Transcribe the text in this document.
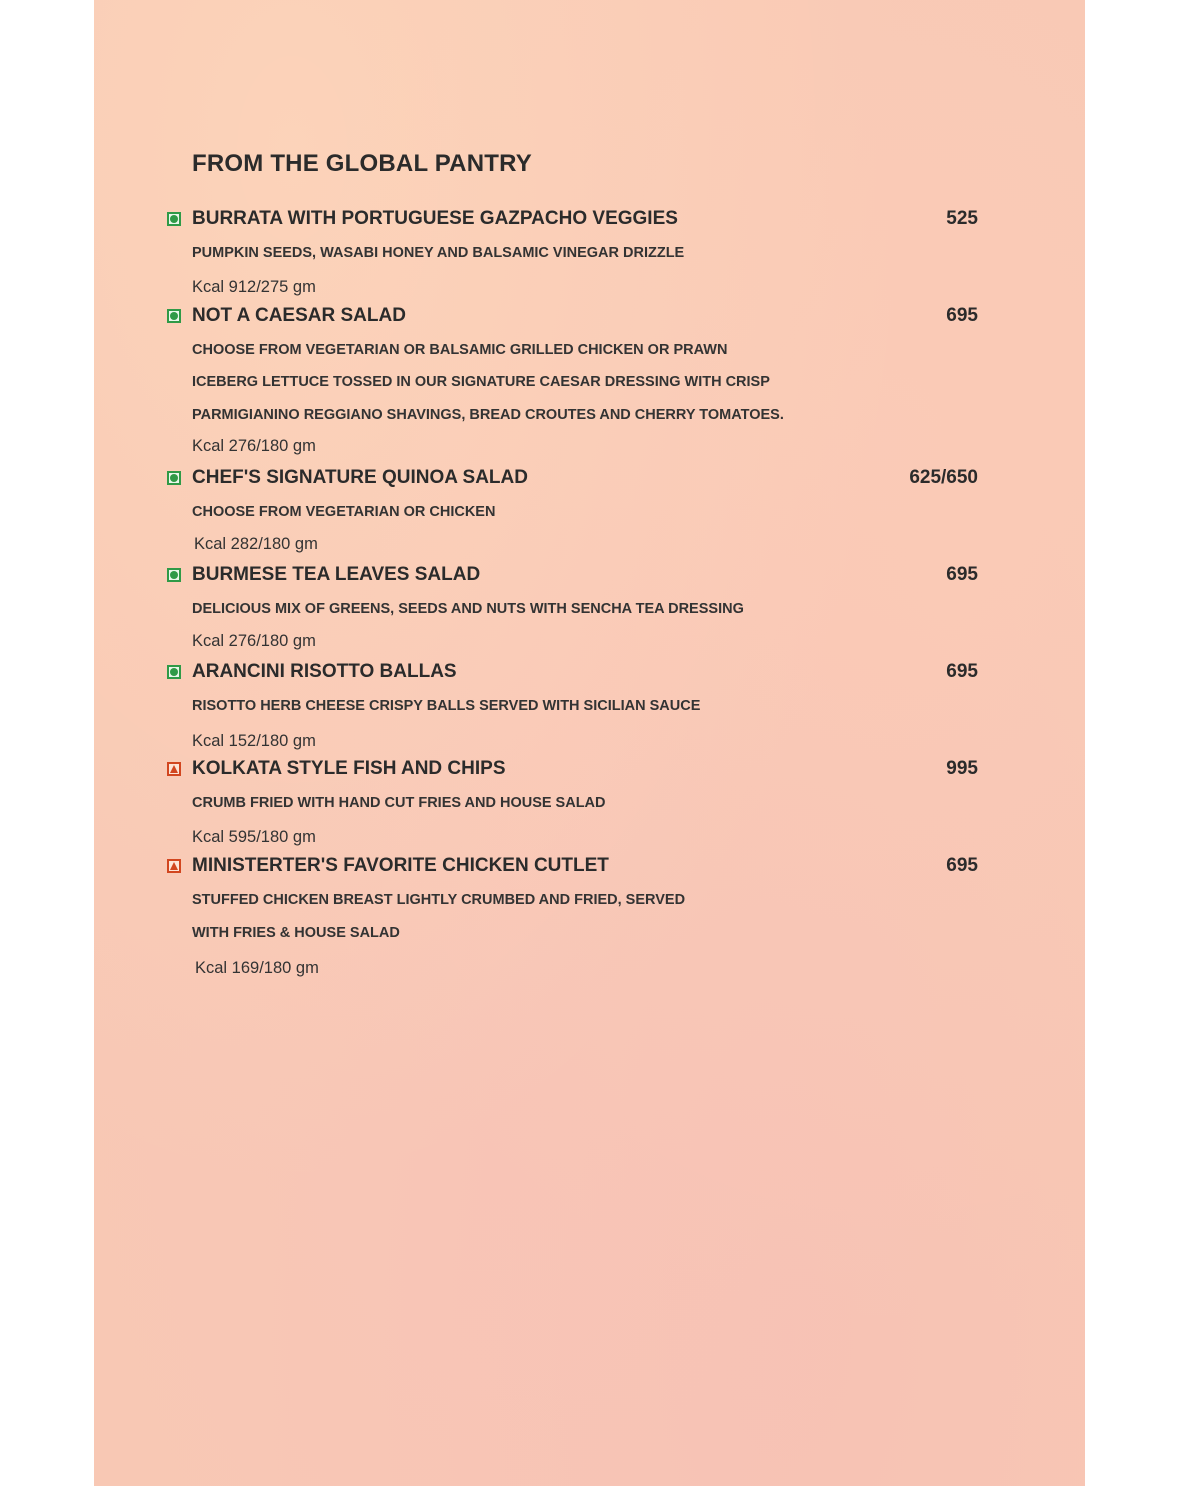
FROM THE GLOBAL PANTRY
BURRATA WITH PORTUGUESE GAZPACHO VEGGIES	525
PUMPKIN SEEDS, WASABI HONEY AND BALSAMIC VINEGAR DRIZZLE
Kcal 912/275 gm
NOT A CAESAR SALAD	695
CHOOSE FROM VEGETARIAN OR BALSAMIC GRILLED CHICKEN OR PRAWN
ICEBERG LETTUCE TOSSED IN OUR SIGNATURE CAESAR DRESSING WITH CRISP
PARMIGIANINO REGGIANO SHAVINGS, BREAD CROUTES AND CHERRY TOMATOES.
Kcal 276/180 gm
CHEF'S SIGNATURE QUINOA SALAD	625/650
CHOOSE FROM VEGETARIAN OR CHICKEN
Kcal 282/180 gm
BURMESE TEA LEAVES SALAD	695
DELICIOUS MIX OF GREENS, SEEDS AND NUTS WITH SENCHA TEA DRESSING
Kcal 276/180 gm
ARANCINI RISOTTO BALLAS	695
RISOTTO HERB CHEESE CRISPY BALLS SERVED WITH SICILIAN SAUCE
Kcal 152/180 gm
KOLKATA STYLE FISH AND CHIPS	995
CRUMB FRIED WITH HAND CUT FRIES AND HOUSE SALAD
Kcal 595/180 gm
MINISTERTER'S FAVORITE CHICKEN CUTLET	695
STUFFED CHICKEN BREAST LIGHTLY CRUMBED AND FRIED, SERVED
WITH FRIES & HOUSE SALAD
Kcal 169/180 gm
